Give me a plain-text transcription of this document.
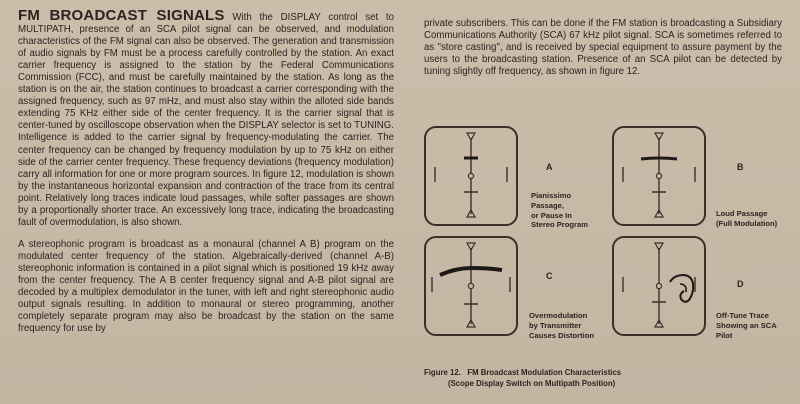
FM BROADCAST SIGNALS With the DISPLAY control set to MULTIPATH, presence of an SCA pilot signal can be observed, and modulation characteristics of the FM signal can also be observed. The generation and transmission of audio signals by FM must be a process carefully controlled by the station. An exact carrier frequency is assigned to the station by the Federal Communications Commission (FCC), and must be carefully maintained by the station. As long as the station is on the air, the station continues to broadcast a carrier corresponding with the assigned frequency, such as 97 mHz, and must also stay within the alloted side bands extending 75 KHz either side of the center frequency. It is the carrier signal that is center-tuned by oscilloscope observation when the DISPLAY selector is set to TUNING. Intelligence is added to the carrier signal by frequency-modulating the carrier. The center frequency can be changed by frequency modulation by up to 75 kHz on either side of the carrier center frequency. These frequency deviations (frequency modulation) carry all information for one or more program sources. In figure 12, modulation is shown by the instantaneous horizontal expansion and contraction of the trace from its central point. Relatively long traces indicate loud passages, while softer passages are shown by a proportionally shorter trace. An excessively long trace, indicating the broadcasting fault of overmodulation, is also shown.

A stereophonic program is broadcast as a monaural (channel A B) program on the modulated center frequency of the station. Algebraically-derived (channel A-B) stereophonic information is contained in a pilot signal which is positioned 19 kHz away from the center frequency. The A B center frequency signal and A-B pilot signal are decoded by a multiplex demodulator in the tuner, with left and right stereophonic audio output signals resulting. In addition to monaural or stereo programming, another completely separate program may also be broadcast by the station on the same frequency for use by

private subscribers. This can be done if the FM station is broadcasting a Subsidiary Communications Authority (SCA) 67 kHz pilot signal. SCA is sometimes referred to as "store casting", and is received by special equipment to assure payment by the users to the broadcasting station. Presence of an SCA pilot can be detected by tuning slightly off frequency, as shown in figure 12.

A
Pianissimo
Passage,
or Pause In
Stereo Program
B
Loud Passage
(Full Modulation)
C
Overmodulation
by Transmitter
Causes Distortion
D
Off-Tune Trace
Showing an SCA
Pilot
Figure 12.   FM Broadcast Modulation Characteristics
(Scope Display Switch on Multipath Position)
